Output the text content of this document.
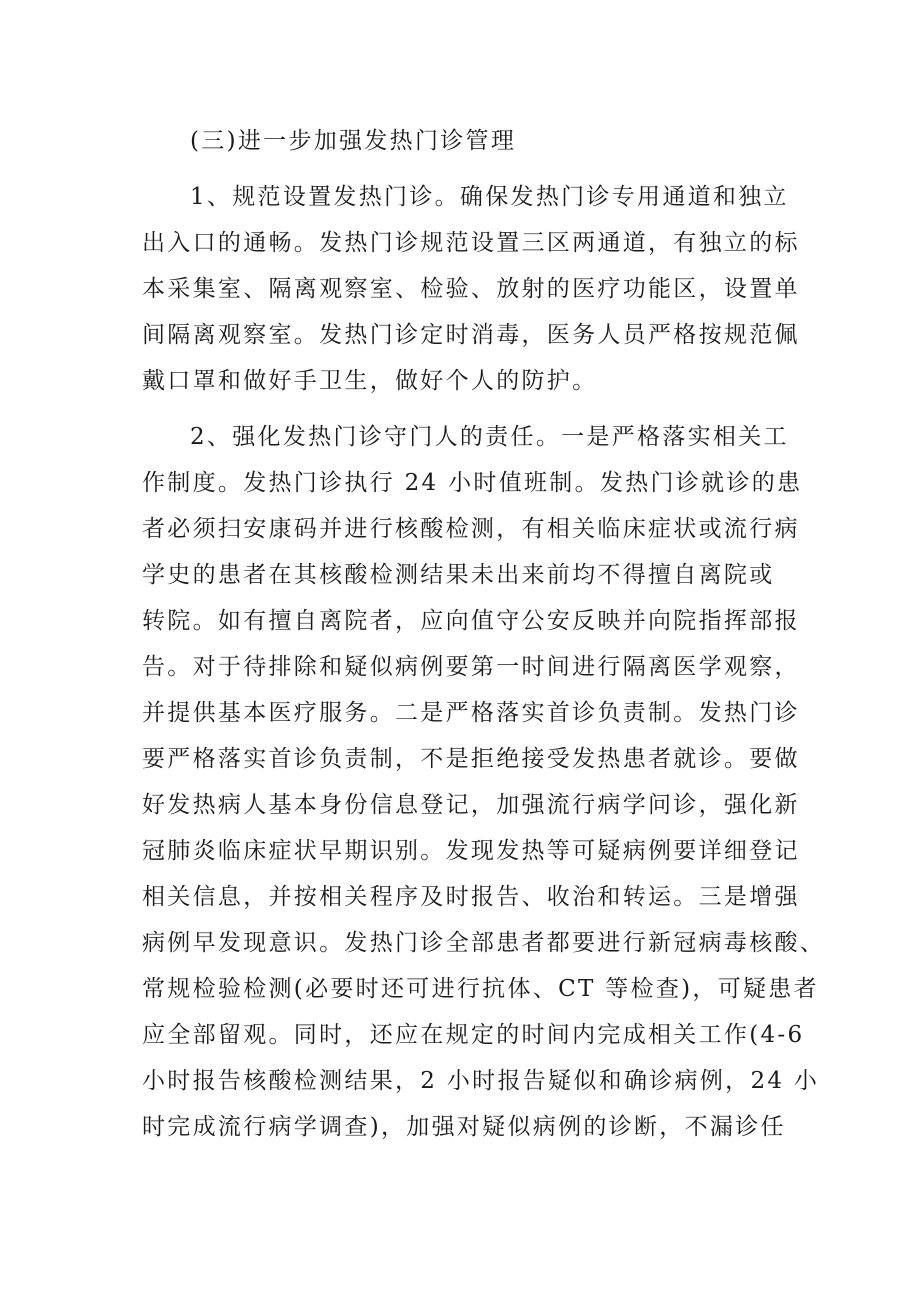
(三)进一步加强发热门诊管理
1、规范设置发热门诊。确保发热门诊专用通道和独立
出入口的通畅。发热门诊规范设置三区两通道，有独立的标
本采集室、隔离观察室、检验、放射的医疗功能区，设置单
间隔离观察室。发热门诊定时消毒，医务人员严格按规范佩
戴口罩和做好手卫生，做好个人的防护。
2、强化发热门诊守门人的责任。一是严格落实相关工
作制度。发热门诊执行 24 小时值班制。发热门诊就诊的患
者必须扫安康码并进行核酸检测，有相关临床症状或流行病
学史的患者在其核酸检测结果未出来前均不得擅自离院或
转院。如有擅自离院者，应向值守公安反映并向院指挥部报
告。对于待排除和疑似病例要第一时间进行隔离医学观察，
并提供基本医疗服务。二是严格落实首诊负责制。发热门诊
要严格落实首诊负责制，不是拒绝接受发热患者就诊。要做
好发热病人基本身份信息登记，加强流行病学问诊，强化新
冠肺炎临床症状早期识别。发现发热等可疑病例要详细登记
相关信息，并按相关程序及时报告、收治和转运。三是增强
病例早发现意识。发热门诊全部患者都要进行新冠病毒核酸、
常规检验检测(必要时还可进行抗体、CT 等检查)，可疑患者
应全部留观。同时，还应在规定的时间内完成相关工作(4-6
小时报告核酸检测结果，2 小时报告疑似和确诊病例，24 小
时完成流行病学调查)，加强对疑似病例的诊断，不漏诊任
